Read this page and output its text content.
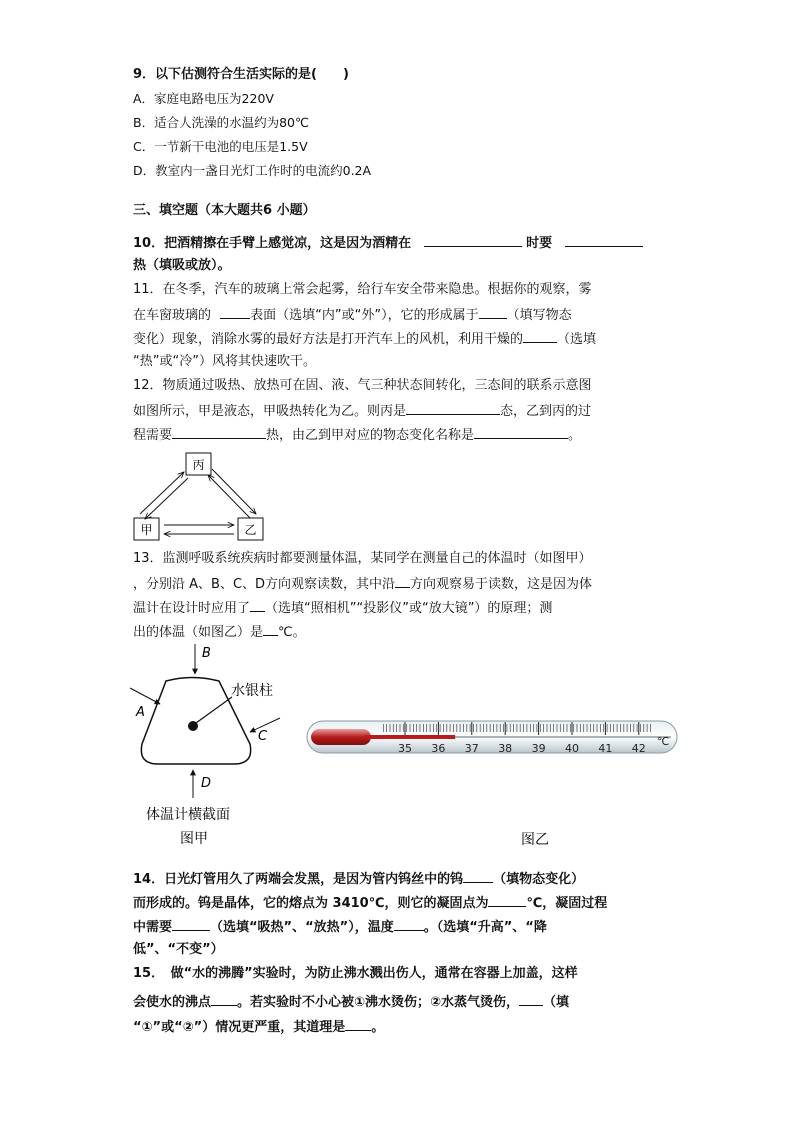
9．以下估测符合生活实际的是(　　)
A．家庭电路电压为220V
B．适合人洗澡的水温约为80℃
C．一节新干电池的电压是1.5V
D．教室内一盏日光灯工作时的电流约0.2A
三、填空题（本大题共6 小题）
10．把酒精擦在手臂上感觉凉，这是因为酒精在	时要
热（填吸或放）。
11．在冬季，汽车的玻璃上常会起雾，给行车安全带来隐患。根据你的观察，雾
在车窗玻璃的	表面（选填“内”或“外”），它的形成属于 （填写物态
变化）现象，消除水雾的最好方法是打开汽车上的风机，利用干燥的	（选填
“热”或“冷”）风将其快速吹干。
12．物质通过吸热、放热可在固、液、气三种状态间转化，三态间的联系示意图
如图所示，甲是液态，甲吸热转化为乙。则丙是	态，乙到丙的过
程需要	热，由乙到甲对应的物态变化名称是	。
丙
甲	乙
13．监测呼吸系统疾病时都要测量体温，某同学在测量自己的体温时（如图甲）
，分别沿 A、B、C、D方向观察读数，其中沿 方向观察易于读数，这是因为体
温计在设计时应用了 （选填“照相机”“投影仪”或“放大镜”）的原理；测
出的体温（如图乙）是 ℃。
水银柱
B
A
C
D
体温计横截面
图甲
35 36 37 38 39 40 41 42
℃
图乙
14．日光灯管用久了两端会发黑，是因为管内钨丝中的钨 （填物态变化）
而形成的。钨是晶体，它的熔点为 3410℃，则它的凝固点为	℃，凝固过程
中需要	（选填“吸热”、“放热”），温度 。（选填“升高”、“降
低”、“不变”）
15．　做“水的沸腾”实验时，为防止沸水溅出伤人，通常在容器上加盖，这样
会使水的沸点 。若实验时不小心被①沸水烫伤；②水蒸气烫伤， （填
“①”或“②”）情况更严重，其道理是 。
